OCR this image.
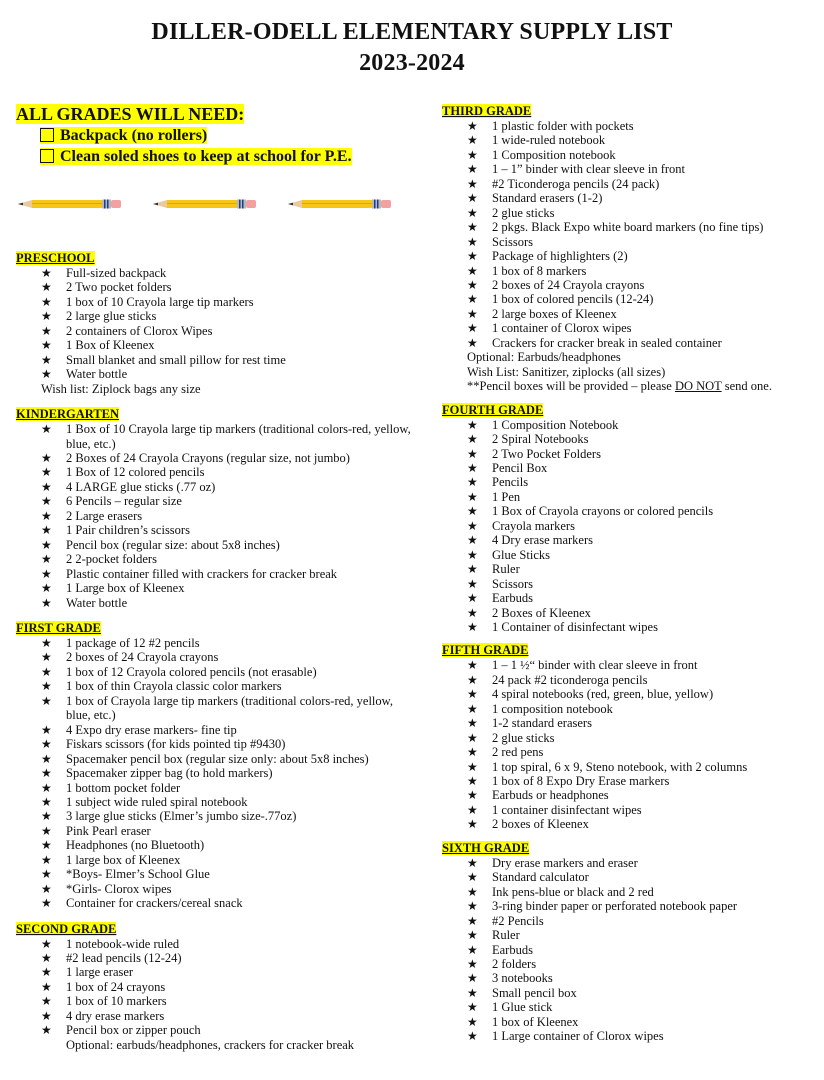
DILLER-ODELL ELEMENTARY SUPPLY LIST
2023-2024
ALL GRADES WILL NEED:
Backpack (no rollers)
Clean soled shoes to keep at school for P.E.
PRESCHOOL
★ Full-sized backpack
★ 2 Two pocket folders
★ 1 box of 10 Crayola large tip markers
★ 2 large glue sticks
★ 2 containers of Clorox Wipes
★ 1 Box of Kleenex
★ Small blanket and small pillow for rest time
★ Water bottle
Wish list: Ziplock bags any size
KINDERGARTEN
★ 1 Box of 10 Crayola large tip markers (traditional colors-red, yellow, blue, etc.)
★ 2 Boxes of 24 Crayola Crayons (regular size, not jumbo)
★ 1 Box of 12 colored pencils
★ 4 LARGE glue sticks (.77 oz)
★ 6 Pencils – regular size
★ 2 Large erasers
★ 1 Pair children’s scissors
★ Pencil box (regular size: about 5x8 inches)
★ 2 2-pocket folders
★ Plastic container filled with crackers for cracker break
★ 1 Large box of Kleenex
★ Water bottle
FIRST GRADE
★ 1 package of 12 #2 pencils
★ 2 boxes of 24 Crayola crayons
★ 1 box of 12 Crayola colored pencils (not erasable)
★ 1 box of thin Crayola classic color markers
★ 1 box of Crayola large tip markers (traditional colors-red, yellow, blue, etc.)
★ 4 Expo dry erase markers- fine tip
★ Fiskars scissors (for kids pointed tip #9430)
★ Spacemaker pencil box (regular size only: about 5x8 inches)
★ Spacemaker zipper bag (to hold markers)
★ 1 bottom pocket folder
★ 1 subject wide ruled spiral notebook
★ 3 large glue sticks (Elmer’s jumbo size-.77oz)
★ Pink Pearl eraser
★ Headphones (no Bluetooth)
★ 1 large box of Kleenex
★ *Boys- Elmer’s School Glue
★ *Girls- Clorox wipes
★ Container for crackers/cereal snack
SECOND GRADE
★ 1 notebook-wide ruled
★ #2 lead pencils (12-24)
★ 1 large eraser
★ 1 box of 24 crayons
★ 1 box of 10 markers
★ 4 dry erase markers
★ Pencil box or zipper pouch
Optional: earbuds/headphones, crackers for cracker break
THIRD GRADE
★ 1 plastic folder with pockets
★ 1 wide-ruled notebook
★ 1 Composition notebook
★ 1 – 1” binder with clear sleeve in front
★ #2 Ticonderoga pencils (24 pack)
★ Standard erasers (1-2)
★ 2 glue sticks
★ 2 pkgs. Black Expo white board markers (no fine tips)
★ Scissors
★ Package of highlighters (2)
★ 1 box of 8 markers
★ 2 boxes of 24 Crayola crayons
★ 1 box of colored pencils (12-24)
★ 2 large boxes of Kleenex
★ 1 container of Clorox wipes
★ Crackers for cracker break in sealed container
Optional: Earbuds/headphones
Wish List: Sanitizer, ziplocks (all sizes)
**Pencil boxes will be provided – please DO NOT send one.
FOURTH GRADE
★ 1 Composition Notebook
★ 2 Spiral Notebooks
★ 2 Two Pocket Folders
★ Pencil Box
★ Pencils
★ 1 Pen
★ 1 Box of Crayola crayons or colored pencils
★ Crayola markers
★ 4 Dry erase markers
★ Glue Sticks
★ Ruler
★ Scissors
★ Earbuds
★ 2 Boxes of Kleenex
★ 1 Container of disinfectant wipes
FIFTH GRADE
★ 1 – 1 ½“ binder with clear sleeve in front
★ 24 pack #2 ticonderoga pencils
★ 4 spiral notebooks (red, green, blue, yellow)
★ 1 composition notebook
★ 1-2 standard erasers
★ 2 glue sticks
★ 2 red pens
★ 1 top spiral, 6 x 9, Steno notebook, with 2 columns
★ 1 box of 8 Expo Dry Erase markers
★ Earbuds or headphones
★ 1 container disinfectant wipes
★ 2 boxes of Kleenex
SIXTH GRADE
★ Dry erase markers and eraser
★ Standard calculator
★ Ink pens-blue or black and 2 red
★ 3-ring binder paper or perforated notebook paper
★ #2 Pencils
★ Ruler
★ Earbuds
★ 2 folders
★ 3 notebooks
★ Small pencil box
★ 1 Glue stick
★ 1 box of Kleenex
★ 1 Large container of Clorox wipes
